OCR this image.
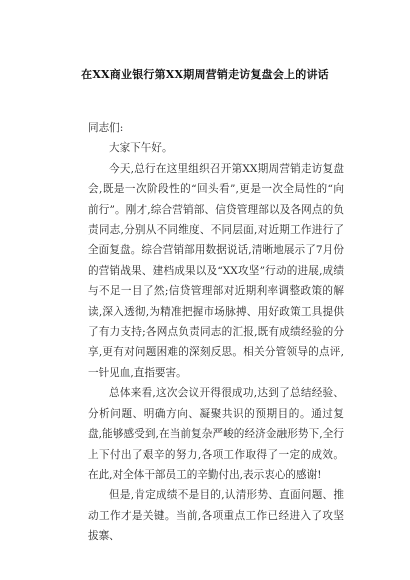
在XX商业银行第XX期周营销走访复盘会上的讲话

同志们:

大家下午好。

今天,总行在这里组织召开第XX期周营销走访复盘会,既是一次阶段性的“回头看”,更是一次全局性的“向前行”。刚才,综合营销部、信贷管理部以及各网点的负责同志,分别从不同维度、不同层面,对近期工作进行了全面复盘。综合营销部用数据说话,清晰地展示了7月份的营销战果、建档成果以及“XX攻坚”行动的进展,成绩与不足一目了然;信贷管理部对近期利率调整政策的解读,深入透彻,为精准把握市场脉搏、用好政策工具提供了有力支持;各网点负责同志的汇报,既有成绩经验的分享,更有对问题困难的深刻反思。相关分管领导的点评,一针见血,直指要害。

总体来看,这次会议开得很成功,达到了总结经验、分析问题、明确方向、凝聚共识的预期目的。通过复盘,能够感受到,在当前复杂严峻的经济金融形势下,全行上下付出了艰辛的努力,各项工作取得了一定的成效。在此,对全体干部员工的辛勤付出,表示衷心的感谢!

但是,肯定成绩不是目的,认清形势、直面问题、推动工作才是关键。当前,各项重点工作已经进入了攻坚拔寨、
